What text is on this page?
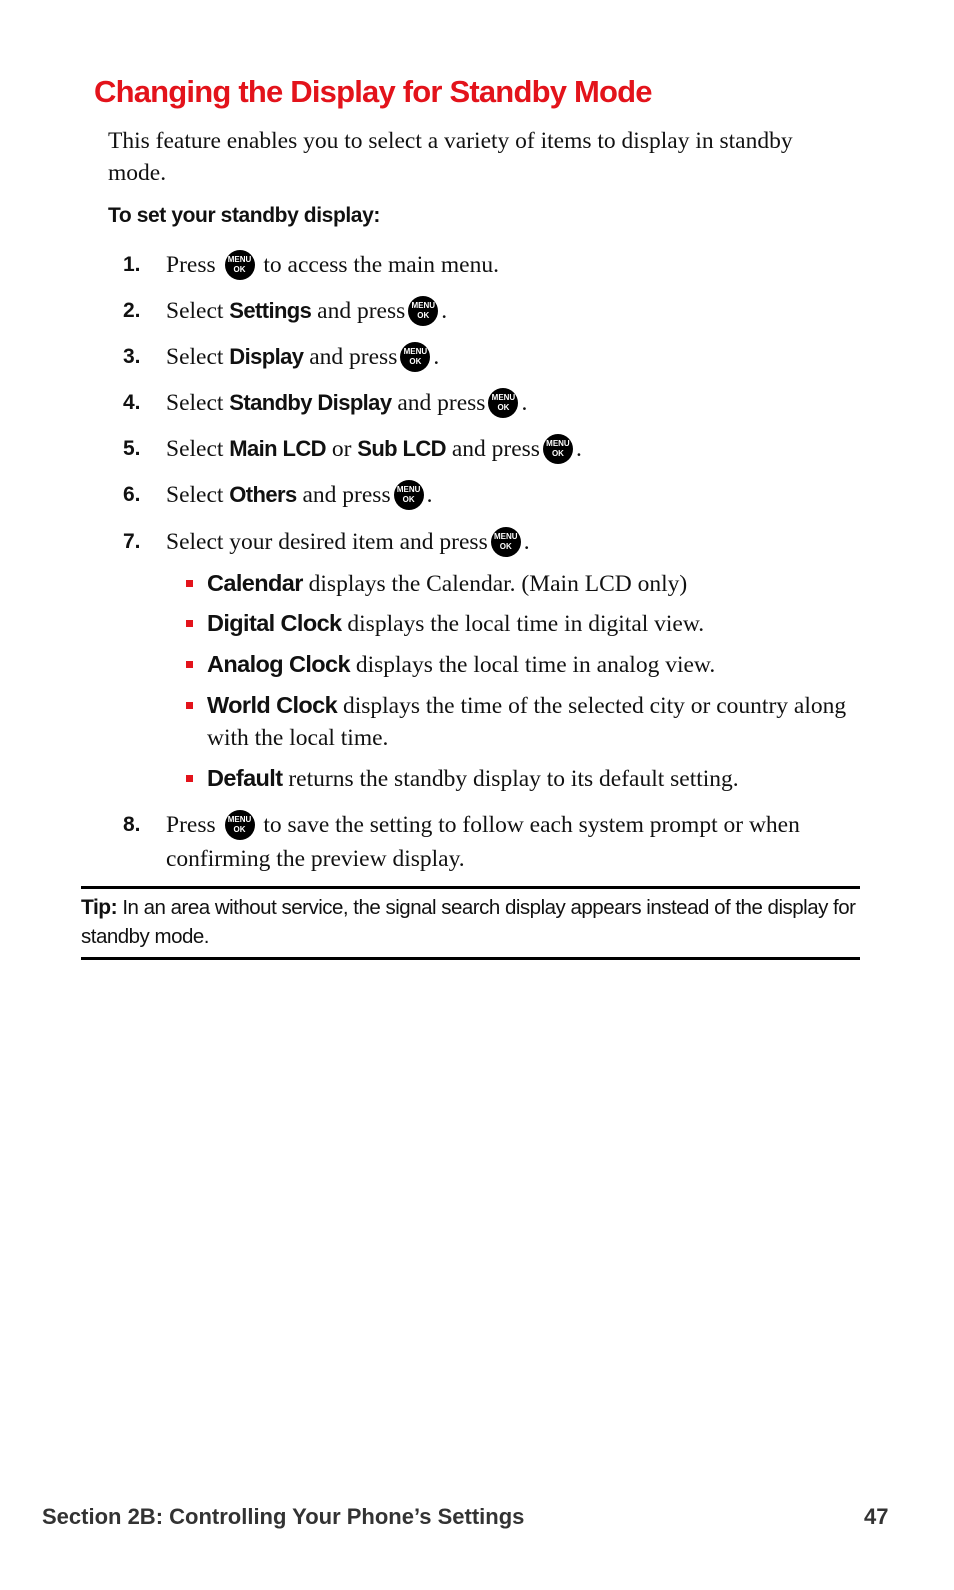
Changing the Display for Standby Mode
This feature enables you to select a variety of items to display in standby mode.
To set your standby display:
1. Press	MENU
OK to access the main menu.
2. Select Settings and press MENU
OK .
3. Select Display and press MENU
OK .
4. Select Standby Display and press MENU
OK .
5. Select Main LCD or Sub LCD and press MENU
OK .
6. Select Others and press MENU
OK .
7. Select your desired item and press MENU
OK .
Calendar displays the Calendar. (Main LCD only)
Digital Clock displays the local time in digital view.
Analog Clock displays the local time in analog view.
World Clock displays the time of the selected city or country along with the local time.
Default returns the standby display to its default setting.
8. Press	MENU
OK to save the setting to follow each system prompt or when confirming the preview display.
Tip: In an area without service, the signal search display appears instead of the display for standby mode.
Section 2B: Controlling Your Phone’s Settings	47
